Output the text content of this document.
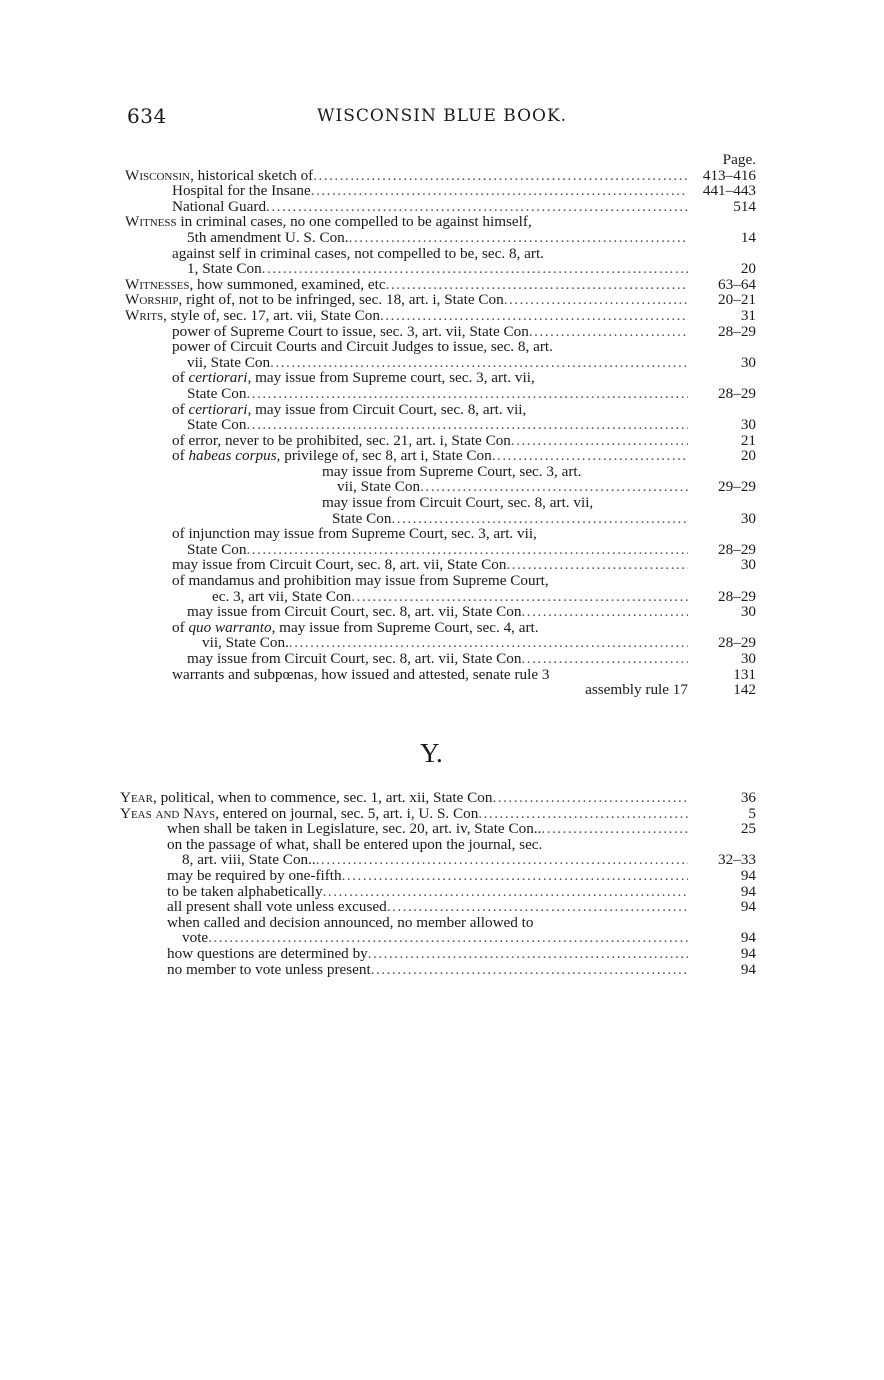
634	WISCONSIN BLUE BOOK.
Page.
Wisconsin, historical sketch of .....	413–416
Hospital for the Insane .....	441–443
National Guard .....	514
Witness in criminal cases, no one compelled to be against himself,
5th amendment U. S. Con. .....	14
against self in criminal cases, not compelled to be, sec. 8, art.
1, State Con .....	20
Witnesses, how summoned, examined, etc .....	63–64
Worship, right of, not to be infringed, sec. 18, art. i, State Con .....	20–21
Writs, style of, sec. 17, art. vii, State Con .....	31
power of Supreme Court to issue, sec. 3, art. vii, State Con .....	28–29
power of Circuit Courts and Circuit Judges to issue, sec. 8, art.
vii, State Con .....	30
of certiorari, may issue from Supreme court, sec. 3, art. vii,
State Con .....	28–29
of certiorari, may issue from Circuit Court, sec. 8, art. vii,
State Con .....	30
of error, never to be prohibited, sec. 21, art. i, State Con .....	21
of habeas corpus, privilege of, sec 8, art i, State Con .....	20
may issue from Supreme Court, sec. 3, art.
vii, State Con .....	29–29
may issue from Circuit Court, sec. 8, art. vii,
State Con .....	30
of injunction may issue from Supreme Court, sec. 3, art. vii,
State Con .....	28–29
may issue from Circuit Court, sec. 8, art. vii, State Con .....	30
of mandamus and prohibition may issue from Supreme Court,
ec. 3, art vii, State Con .....	28–29
may issue from Circuit Court, sec. 8, art. vii, State Con .....	30
of quo warranto, may issue from Supreme Court, sec. 4, art.
vii, State Con. .....	28–29
may issue from Circuit Court, sec. 8, art. vii, State Con .....	30
warrants and subpœnas, how issued and attested, senate rule 3	131
assembly rule 17	142
Y.
Year, political, when to commence, sec. 1, art. xii, State Con .....	36
Yeas and Nays, entered on journal, sec. 5, art. i, U. S. Con .....	5
when shall be taken in Legislature, sec. 20, art. iv, State Con.. .....	25
on the passage of what, shall be entered upon the journal, sec.
8, art. viii, State Con.. .....	32–33
may be required by one-fifth .....	94
to be taken alphabetically .....	94
all present shall vote unless excused .....	94
when called and decision announced, no member allowed to
vote .....	94
how questions are determined by .....	94
no member to vote unless present .....	94
